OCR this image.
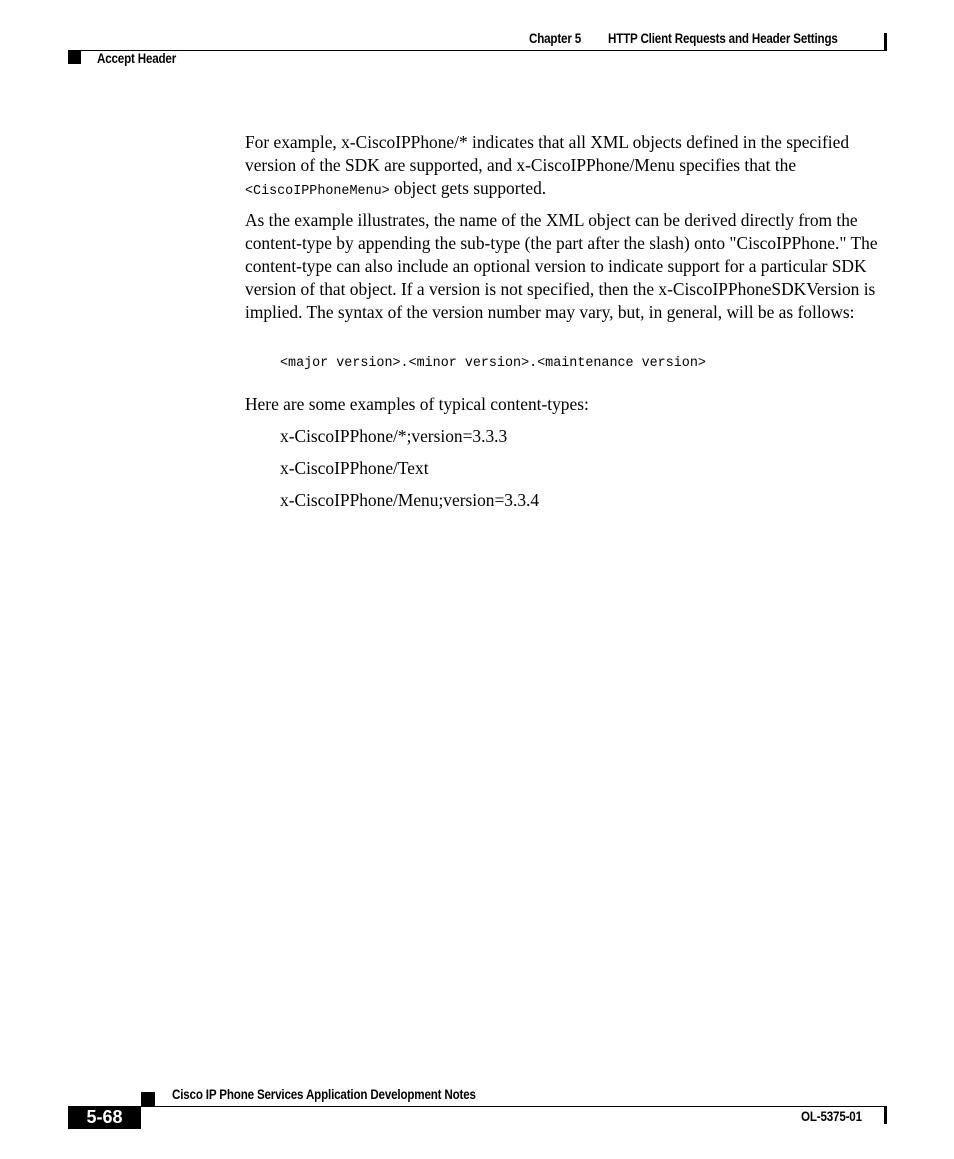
Chapter 5 HTTP Client Requests and Header Settings
Accept Header

For example, x-CiscoIPPhone/* indicates that all XML objects defined in the specified version of the SDK are supported, and x-CiscoIPPhone/Menu specifies that the <CiscoIPPhoneMenu> object gets supported.

As the example illustrates, the name of the XML object can be derived directly from the content-type by appending the sub-type (the part after the slash) onto "CiscoIPPhone." The content-type can also include an optional version to indicate support for a particular SDK version of that object. If a version is not specified, then the x-CiscoIPPhoneSDKVersion is implied. The syntax of the version number may vary, but, in general, will be as follows:

<major version>.<minor version>.<maintenance version>

Here are some examples of typical content-types:

x-CiscoIPPhone/*;version=3.3.3
x-CiscoIPPhone/Text
x-CiscoIPPhone/Menu;version=3.3.4
Cisco IP Phone Services Application Development Notes
5-68	OL-5375-01
